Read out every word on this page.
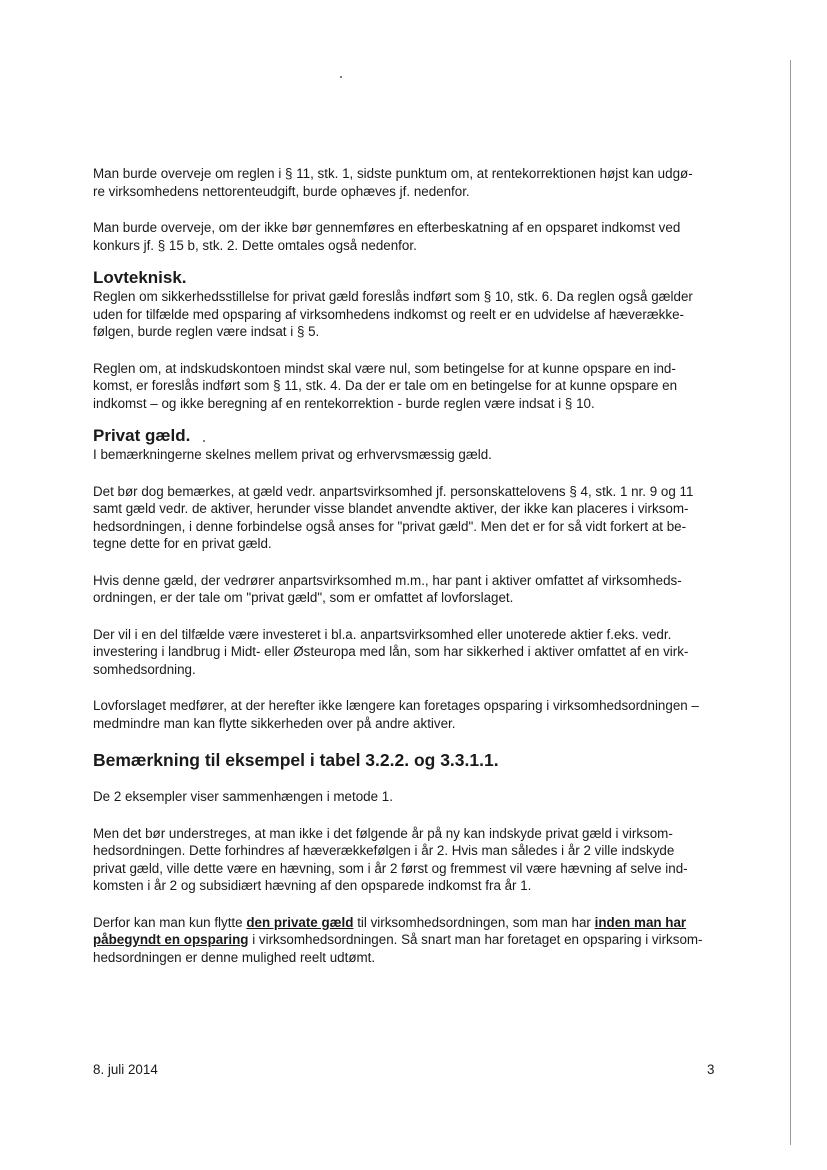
Man burde overveje om reglen i § 11, stk. 1, sidste punktum om, at rentekorrektionen højst kan udgø-
re virksomhedens nettorenteudgift, burde ophæves jf. nedenfor.

Man burde overveje, om der ikke bør gennemføres en efterbeskatning af en opsparet indkomst ved
konkurs jf. § 15 b, stk. 2. Dette omtales også nedenfor.

Lovteknisk.

Reglen om sikkerhedsstillelse for privat gæld foreslås indført som § 10, stk. 6. Da reglen også gælder
uden for tilfælde med opsparing af virksomhedens indkomst og reelt er en udvidelse af hæverække-
følgen, burde reglen være indsat i § 5.

Reglen om, at indskudskontoen mindst skal være nul, som betingelse for at kunne opspare en ind-
komst, er foreslås indført som § 11, stk. 4. Da der er tale om en betingelse for at kunne opspare en
indkomst – og ikke beregning af en rentekorrektion - burde reglen være indsat i § 10.

Privat gæld.

I bemærkningerne skelnes mellem privat og erhvervsmæssig gæld.

Det bør dog bemærkes, at gæld vedr. anpartsvirksomhed jf. personskattelovens § 4, stk. 1 nr. 9 og 11
samt gæld vedr. de aktiver, herunder visse blandet anvendte aktiver, der ikke kan placeres i virksom-
hedsordningen, i denne forbindelse også anses for "privat gæld". Men det er for så vidt forkert at be-
tegne dette for en privat gæld.

Hvis denne gæld, der vedrører anpartsvirksomhed m.m., har pant i aktiver omfattet af virksomheds-
ordningen, er der tale om "privat gæld", som er omfattet af lovforslaget.

Der vil i en del tilfælde være investeret i bl.a. anpartsvirksomhed eller unoterede aktier f.eks. vedr.
investering i landbrug i Midt- eller Østeuropa med lån, som har sikkerhed i aktiver omfattet af en virk-
somhedsordning.

Lovforslaget medfører, at der herefter ikke længere kan foretages opsparing i virksomhedsordningen –
medmindre man kan flytte sikkerheden over på andre aktiver.

Bemærkning til eksempel i tabel 3.2.2. og 3.3.1.1.

De 2 eksempler viser sammenhængen i metode 1.

Men det bør understreges, at man ikke i det følgende år på ny kan indskyde privat gæld i virksom-
hedsordningen. Dette forhindres af hæverækkefølgen i år 2. Hvis man således i år 2 ville indskyde
privat gæld, ville dette være en hævning, som i år 2 først og fremmest vil være hævning af selve ind-
komsten i år 2 og subsidiært hævning af den opsparede indkomst fra år 1.

Derfor kan man kun flytte den private gæld til virksomhedsordningen, som man har inden man har
påbegyndt en opsparing i virksomhedsordningen. Så snart man har foretaget en opsparing i virksom-
hedsordningen er denne mulighed reelt udtømt.

8. juli 2014	3
